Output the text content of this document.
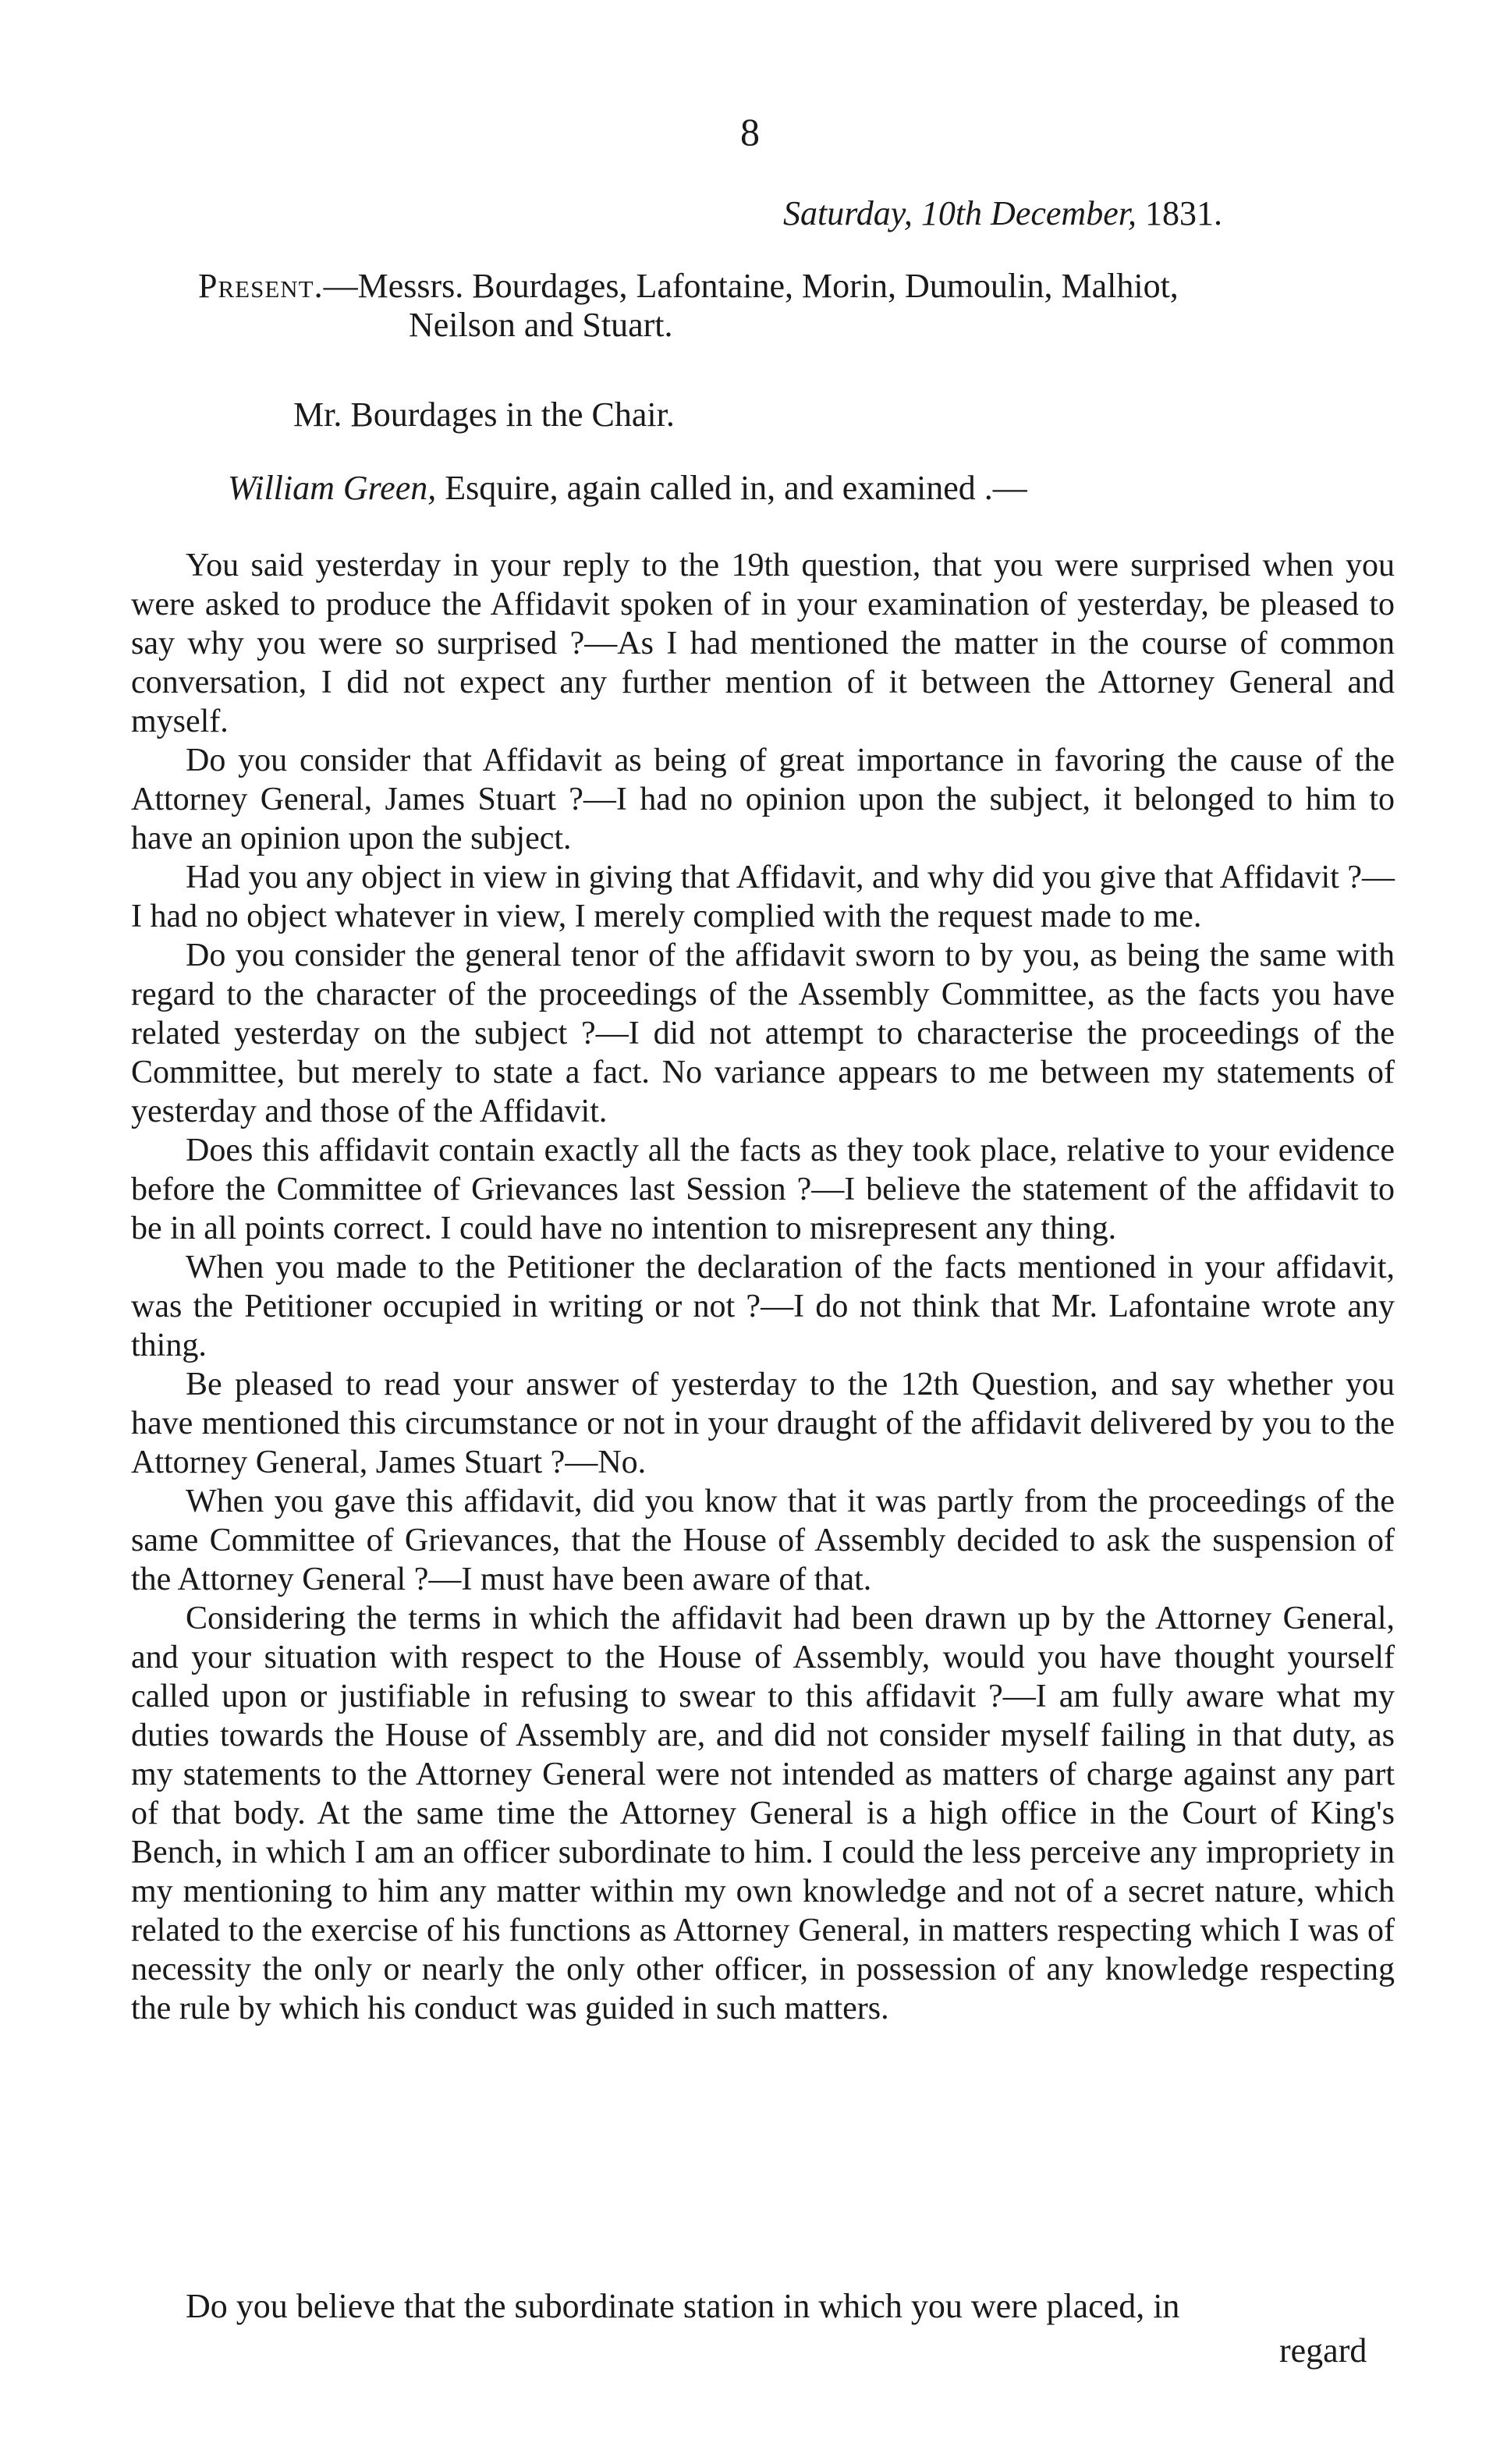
8
Saturday, 10th December, 1831.
Present.—Messrs. Bourdages, Lafontaine, Morin, Dumoulin, Malhiot,
Neilson and Stuart.
Mr. Bourdages in the Chair.
William Green, Esquire, again called in, and examined .—

You said yesterday in your reply to the 19th question, that you were surprised when you were asked to produce the Affidavit spoken of in your examination of yesterday, be pleased to say why you were so surprised ?—As I had mentioned the matter in the course of common conversation, I did not expect any further mention of it between the Attorney General and myself.

Do you consider that Affidavit as being of great importance in favoring the cause of the Attorney General, James Stuart ?—I had no opinion upon the subject, it belonged to him to have an opinion upon the subject.

Had you any object in view in giving that Affidavit, and why did you give that Affidavit ?—I had no object whatever in view, I merely complied with the request made to me.

Do you consider the general tenor of the affidavit sworn to by you, as being the same with regard to the character of the proceedings of the Assembly Committee, as the facts you have related yesterday on the subject ?—I did not attempt to characterise the proceedings of the Committee, but merely to state a fact. No variance appears to me between my statements of yesterday and those of the Affidavit.

Does this affidavit contain exactly all the facts as they took place, relative to your evidence before the Committee of Grievances last Session ?—I believe the statement of the affidavit to be in all points correct. I could have no intention to misrepresent any thing.

When you made to the Petitioner the declaration of the facts mentioned in your affidavit, was the Petitioner occupied in writing or not ?—I do not think that Mr. Lafontaine wrote any thing.

Be pleased to read your answer of yesterday to the 12th Question, and say whether you have mentioned this circumstance or not in your draught of the affidavit delivered by you to the Attorney General, James Stuart ?—No.

When you gave this affidavit, did you know that it was partly from the proceedings of the same Committee of Grievances, that the House of Assembly decided to ask the suspension of the Attorney General ?—I must have been aware of that.

Considering the terms in which the affidavit had been drawn up by the Attorney General, and your situation with respect to the House of Assembly, would you have thought yourself called upon or justifiable in refusing to swear to this affidavit ?—I am fully aware what my duties towards the House of Assembly are, and did not consider myself failing in that duty, as my statements to the Attorney General were not intended as matters of charge against any part of that body. At the same time the Attorney General is a high office in the Court of King's Bench, in which I am an officer subordinate to him. I could the less perceive any impropriety in my mentioning to him any matter within my own knowledge and not of a secret nature, which related to the exercise of his functions as Attorney General, in matters respecting which I was of necessity the only or nearly the only other officer, in possession of any knowledge respecting the rule by which his conduct was guided in such matters.

Do you believe that the subordinate station in which you were placed, in

regard
